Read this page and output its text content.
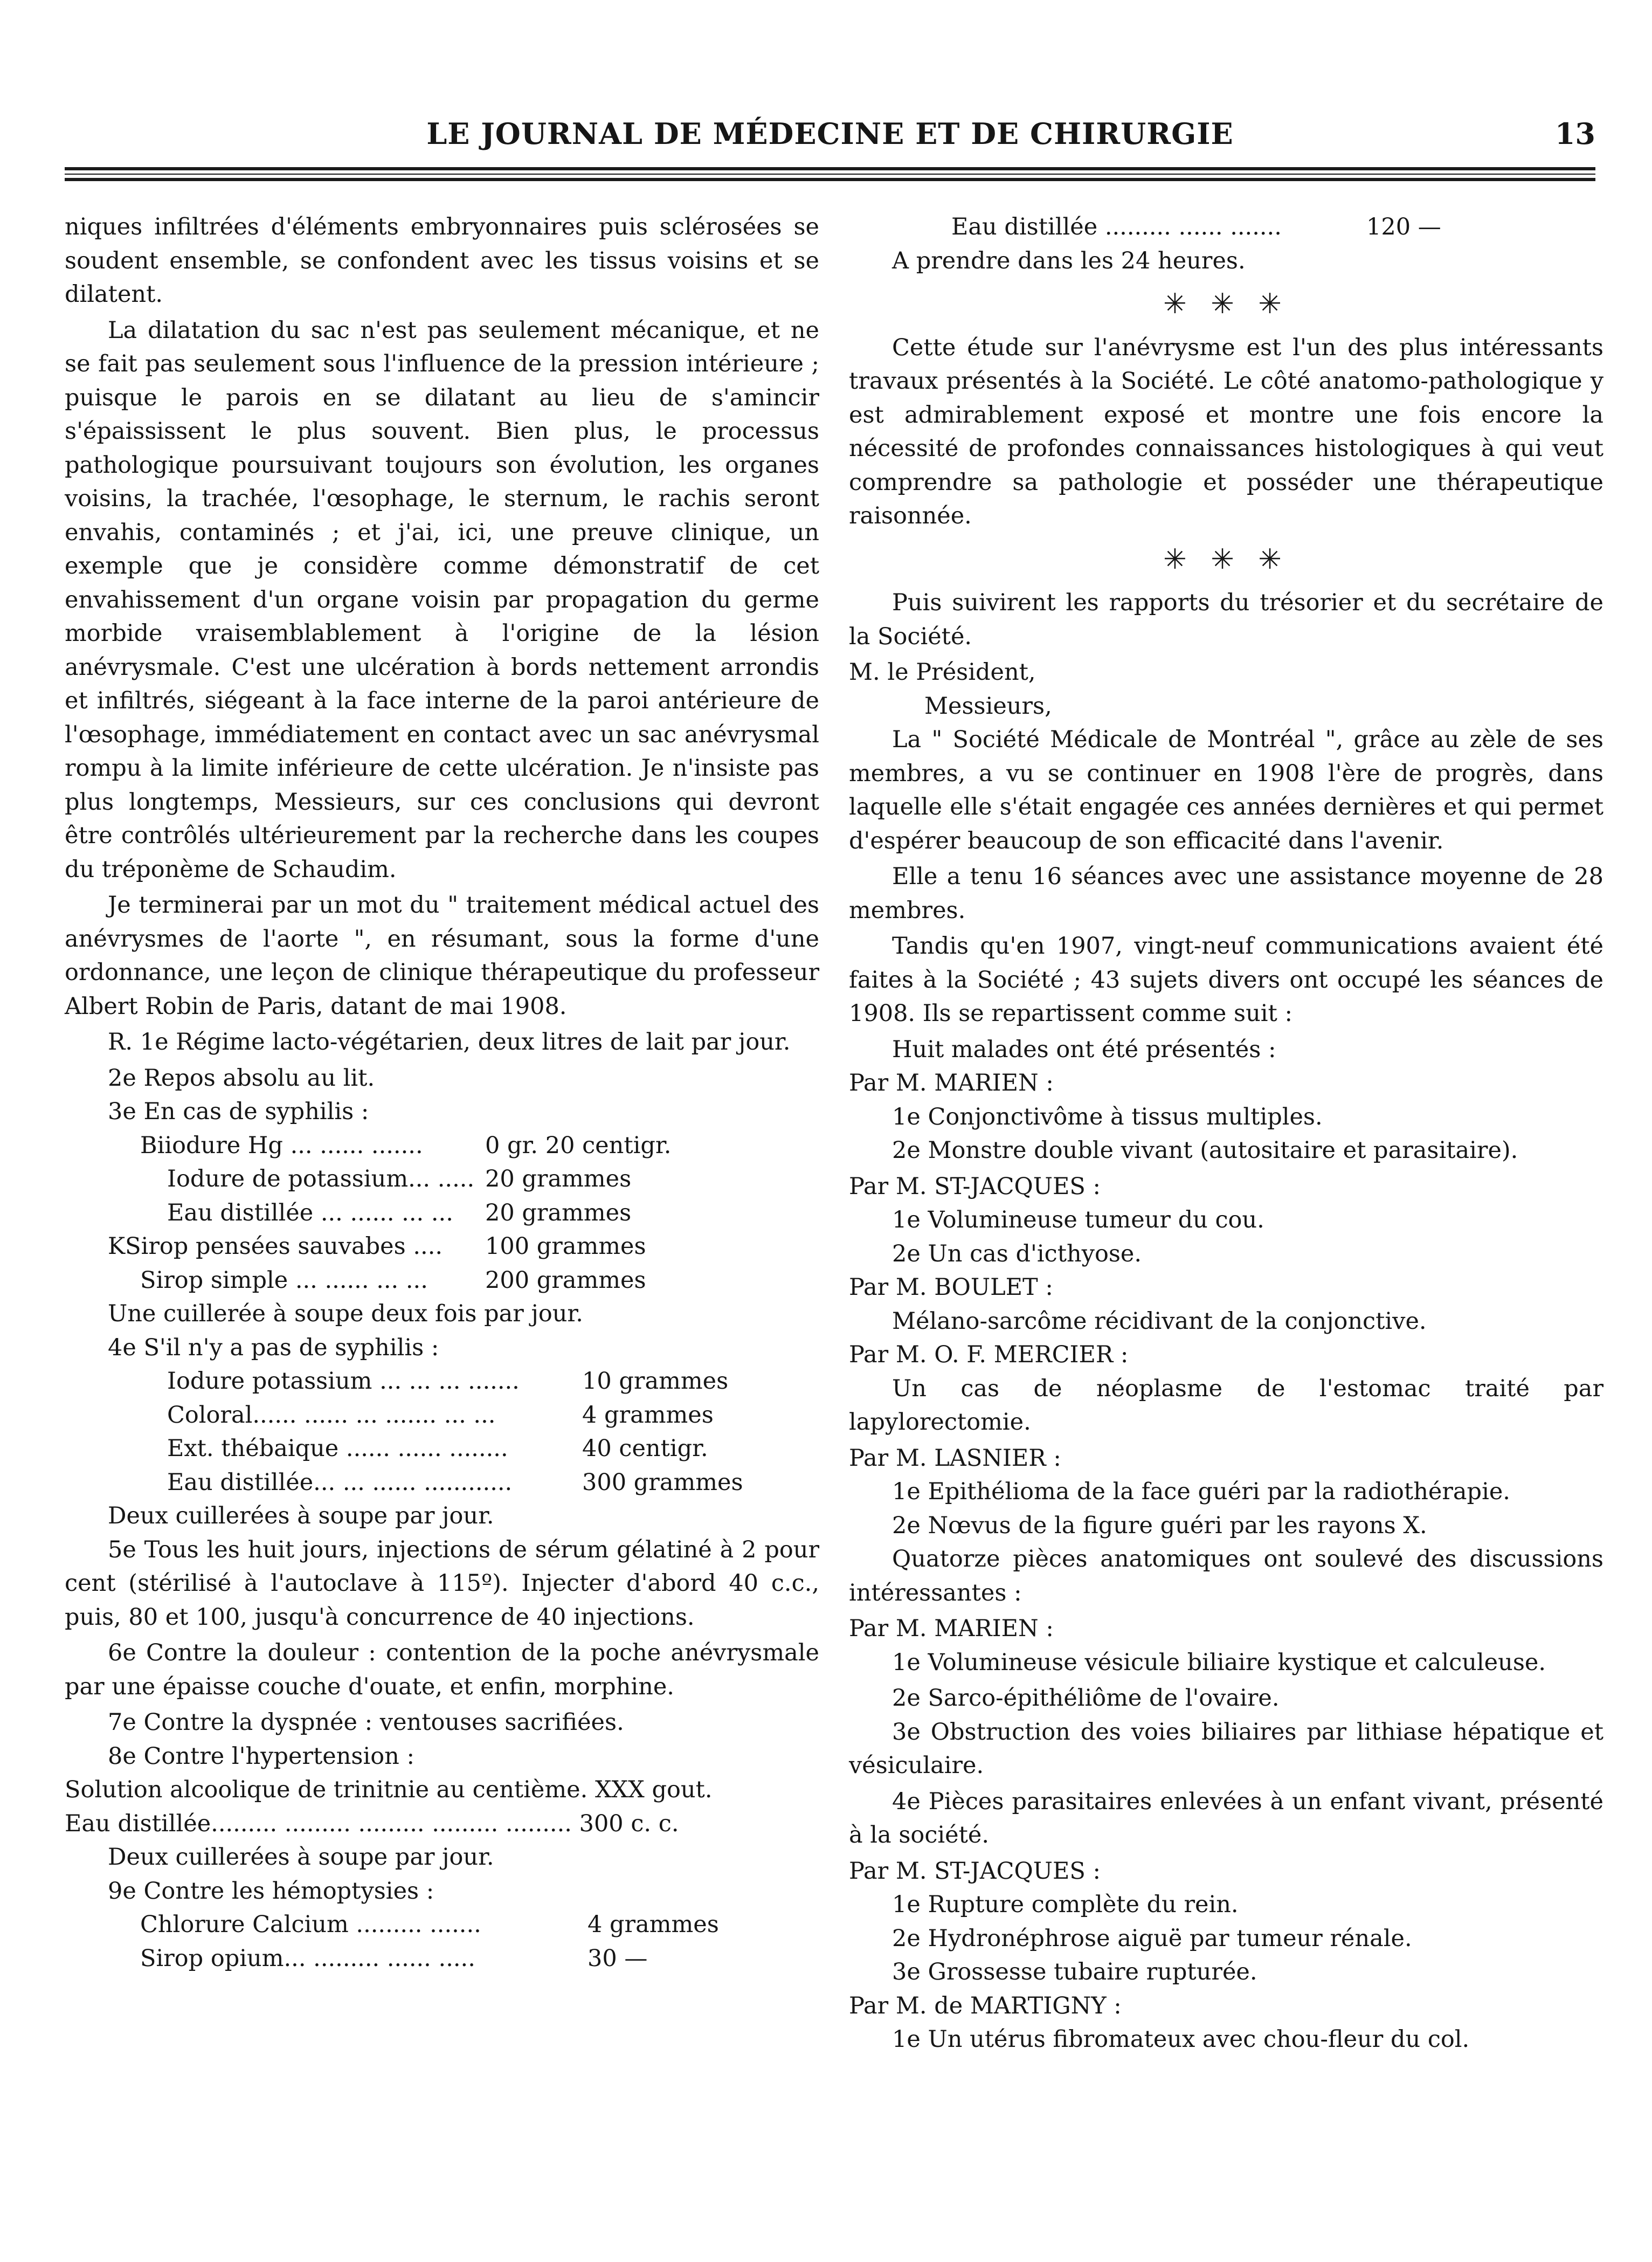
LE JOURNAL DE MÉDECINE ET DE CHIRURGIE	13

niques infiltrées d'éléments embryonnaires puis sclérosées se soudent ensemble, se confondent avec les tissus voisins et se dilatent.

La dilatation du sac n'est pas seulement mécanique, et ne se fait pas seulement sous l'influence de la pression intérieure ; puisque le parois en se dilatant au lieu de s'amincir s'épaississent le plus souvent. Bien plus, le processus pathologique poursuivant toujours son évolution, les organes voisins, la trachée, l'œsophage, le sternum, le rachis seront envahis, contaminés ; et j'ai, ici, une preuve clinique, un exemple que je considère comme démonstratif de cet envahissement d'un organe voisin par propagation du germe morbide vraisemblablement à l'origine de la lésion anévrysmale. C'est une ulcération à bords nettement arrondis et infiltrés, siégeant à la face interne de la paroi antérieure de l'œsophage, immédiatement en contact avec un sac anévrysmal rompu à la limite inférieure de cette ulcération. Je n'insiste pas plus longtemps, Messieurs, sur ces conclusions qui devront être contrôlés ultérieurement par la recherche dans les coupes du tréponème de Schaudim.

Je terminerai par un mot du " traitement médical actuel des anévrysmes de l'aorte ", en résumant, sous la forme d'une ordonnance, une leçon de clinique thérapeutique du professeur Albert Robin de Paris, datant de mai 1908.

R. 1e Régime lacto-végétarien, deux litres de lait par jour.

2e Repos absolu au lit.
3e En cas de syphilis :
Biiodure Hg ... ...... .......	0 gr. 20 centigr.
Iodure de potassium... ..... 20 grammes
Eau distillée ... ...... ... ...	20 grammes
KSirop pensées sauvabes ....	100 grammes
Sirop simple ... ...... ... ...	200 grammes
Une cuillerée à soupe deux fois par jour.
4e S'il n'y a pas de syphilis :
Iodure potassium ... ... ... .......	10 grammes
Coloral...... ...... ... ....... ... ...	4 grammes
Ext. thébaique ...... ...... ........	40 centigr.
Eau distillée... ... ...... ............	300 grammes
Deux cuillerées à soupe par jour.

5e Tous les huit jours, injections de sérum gélatiné à 2 pour cent (stérilisé à l'autoclave à 115º). Injecter d'abord 40 c.c., puis, 80 et 100, jusqu'à concurrence de 40 injections.

6e Contre la douleur : contention de la poche anévrysmale par une épaisse couche d'ouate, et enfin, morphine.

7e Contre la dyspnée : ventouses sacrifiées.
8e Contre l'hypertension :
Solution alcoolique de trinitnie au centième. XXX gout.
Eau distillée......... ......... ......... ......... ......... 300 c. c.
Deux cuillerées à soupe par jour.
9e Contre les hémoptysies :
Chlorure Calcium ......... .......	4 grammes
Sirop opium... ......... ...... .....	30 —
Eau distillée ......... ...... .......	120 —
A prendre dans les 24 heures.
✳ ✳ ✳

Cette étude sur l'anévrysme est l'un des plus intéressants travaux présentés à la Société. Le côté anatomo-pathologique y est admirablement exposé et montre une fois encore la nécessité de profondes connaissances histologiques à qui veut comprendre sa pathologie et posséder une thérapeutique raisonnée.

✳ ✳ ✳

Puis suivirent les rapports du trésorier et du secrétaire de la Société.

M. le Président,
Messieurs,

La " Société Médicale de Montréal ", grâce au zèle de ses membres, a vu se continuer en 1908 l'ère de progrès, dans laquelle elle s'était engagée ces années dernières et qui permet d'espérer beaucoup de son efficacité dans l'avenir.

Elle a tenu 16 séances avec une assistance moyenne de 28 membres.

Tandis qu'en 1907, vingt-neuf communications avaient été faites à la Société ; 43 sujets divers ont occupé les séances de 1908. Ils se repartissent comme suit :

Huit malades ont été présentés :
Par M. MARIEN :
1e Conjonctivôme à tissus multiples.

2e Monstre double vivant (autositaire et parasitaire).

Par M. ST-JACQUES :
1e Volumineuse tumeur du cou.
2e Un cas d'icthyose.
Par M. BOULET :
Mélano-sarcôme récidivant de la conjonctive.
Par M. O. F. MERCIER :

Un cas de néoplasme de l'estomac traité par lapylorectomie.

Par M. LASNIER :
1e Epithélioma de la face guéri par la radiothérapie.
2e Nœvus de la figure guéri par les rayons X.

Quatorze pièces anatomiques ont soulevé des discussions intéressantes :

Par M. MARIEN :

1e Volumineuse vésicule biliaire kystique et calculeuse.

2e Sarco-épithéliôme de l'ovaire.

3e Obstruction des voies biliaires par lithiase hépatique et vésiculaire.

4e Pièces parasitaires enlevées à un enfant vivant, présenté à la société.

Par M. ST-JACQUES :
1e Rupture complète du rein.
2e Hydronéphrose aiguë par tumeur rénale.
3e Grossesse tubaire rupturée.
Par M. de MARTIGNY :
1e Un utérus fibromateux avec chou-fleur du col.
